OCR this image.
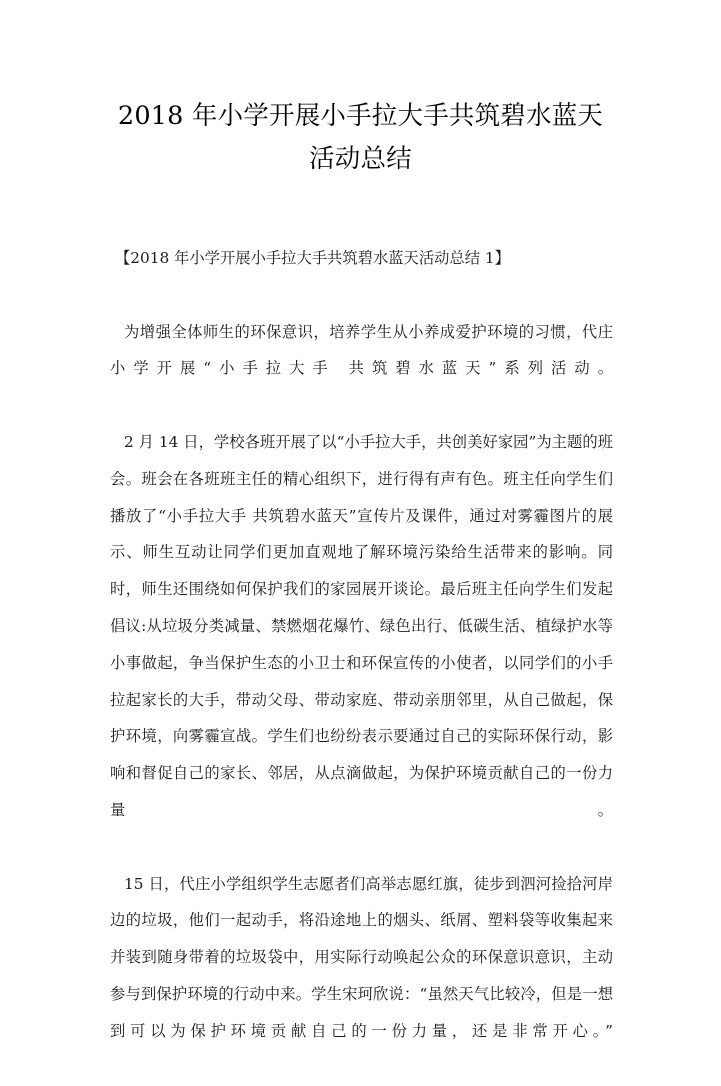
2018 年小学开展小手拉大手共筑碧水蓝天
活动总结

【2018 年小学开展小手拉大手共筑碧水蓝天活动总结 1】

为增强全体师生的环保意识，培养学生从小养成爱护环境的习惯，代庄小学开展“小手拉大手 共筑碧水蓝天”系列活动。

2 月 14 日，学校各班开展了以“小手拉大手，共创美好家园”为主题的班会。班会在各班班主任的精心组织下，进行得有声有色。班主任向学生们播放了“小手拉大手 共筑碧水蓝天”宣传片及课件，通过对雾霾图片的展示、师生互动让同学们更加直观地了解环境污染给生活带来的影响。同时，师生还围绕如何保护我们的家园展开谈论。最后班主任向学生们发起倡议:从垃圾分类减量、禁燃烟花爆竹、绿色出行、低碳生活、植绿护水等小事做起，争当保护生态的小卫士和环保宣传的小使者，以同学们的小手拉起家长的大手，带动父母、带动家庭、带动亲朋邻里，从自己做起，保护环境，向雾霾宣战。学生们也纷纷表示要通过自己的实际环保行动，影响和督促自己的家长、邻居，从点滴做起，为保护环境贡献自己的一份力量。

15 日，代庄小学组织学生志愿者们高举志愿红旗，徒步到泗河捡拾河岸边的垃圾，他们一起动手，将沿途地上的烟头、纸屑、塑料袋等收集起来并装到随身带着的垃圾袋中，用实际行动唤起公众的环保意识意识，主动参与到保护环境的行动中来。学生宋珂欣说：“虽然天气比较冷，但是一想到可以为保护环境贡献自己的一份力量，还是非常开心。”
